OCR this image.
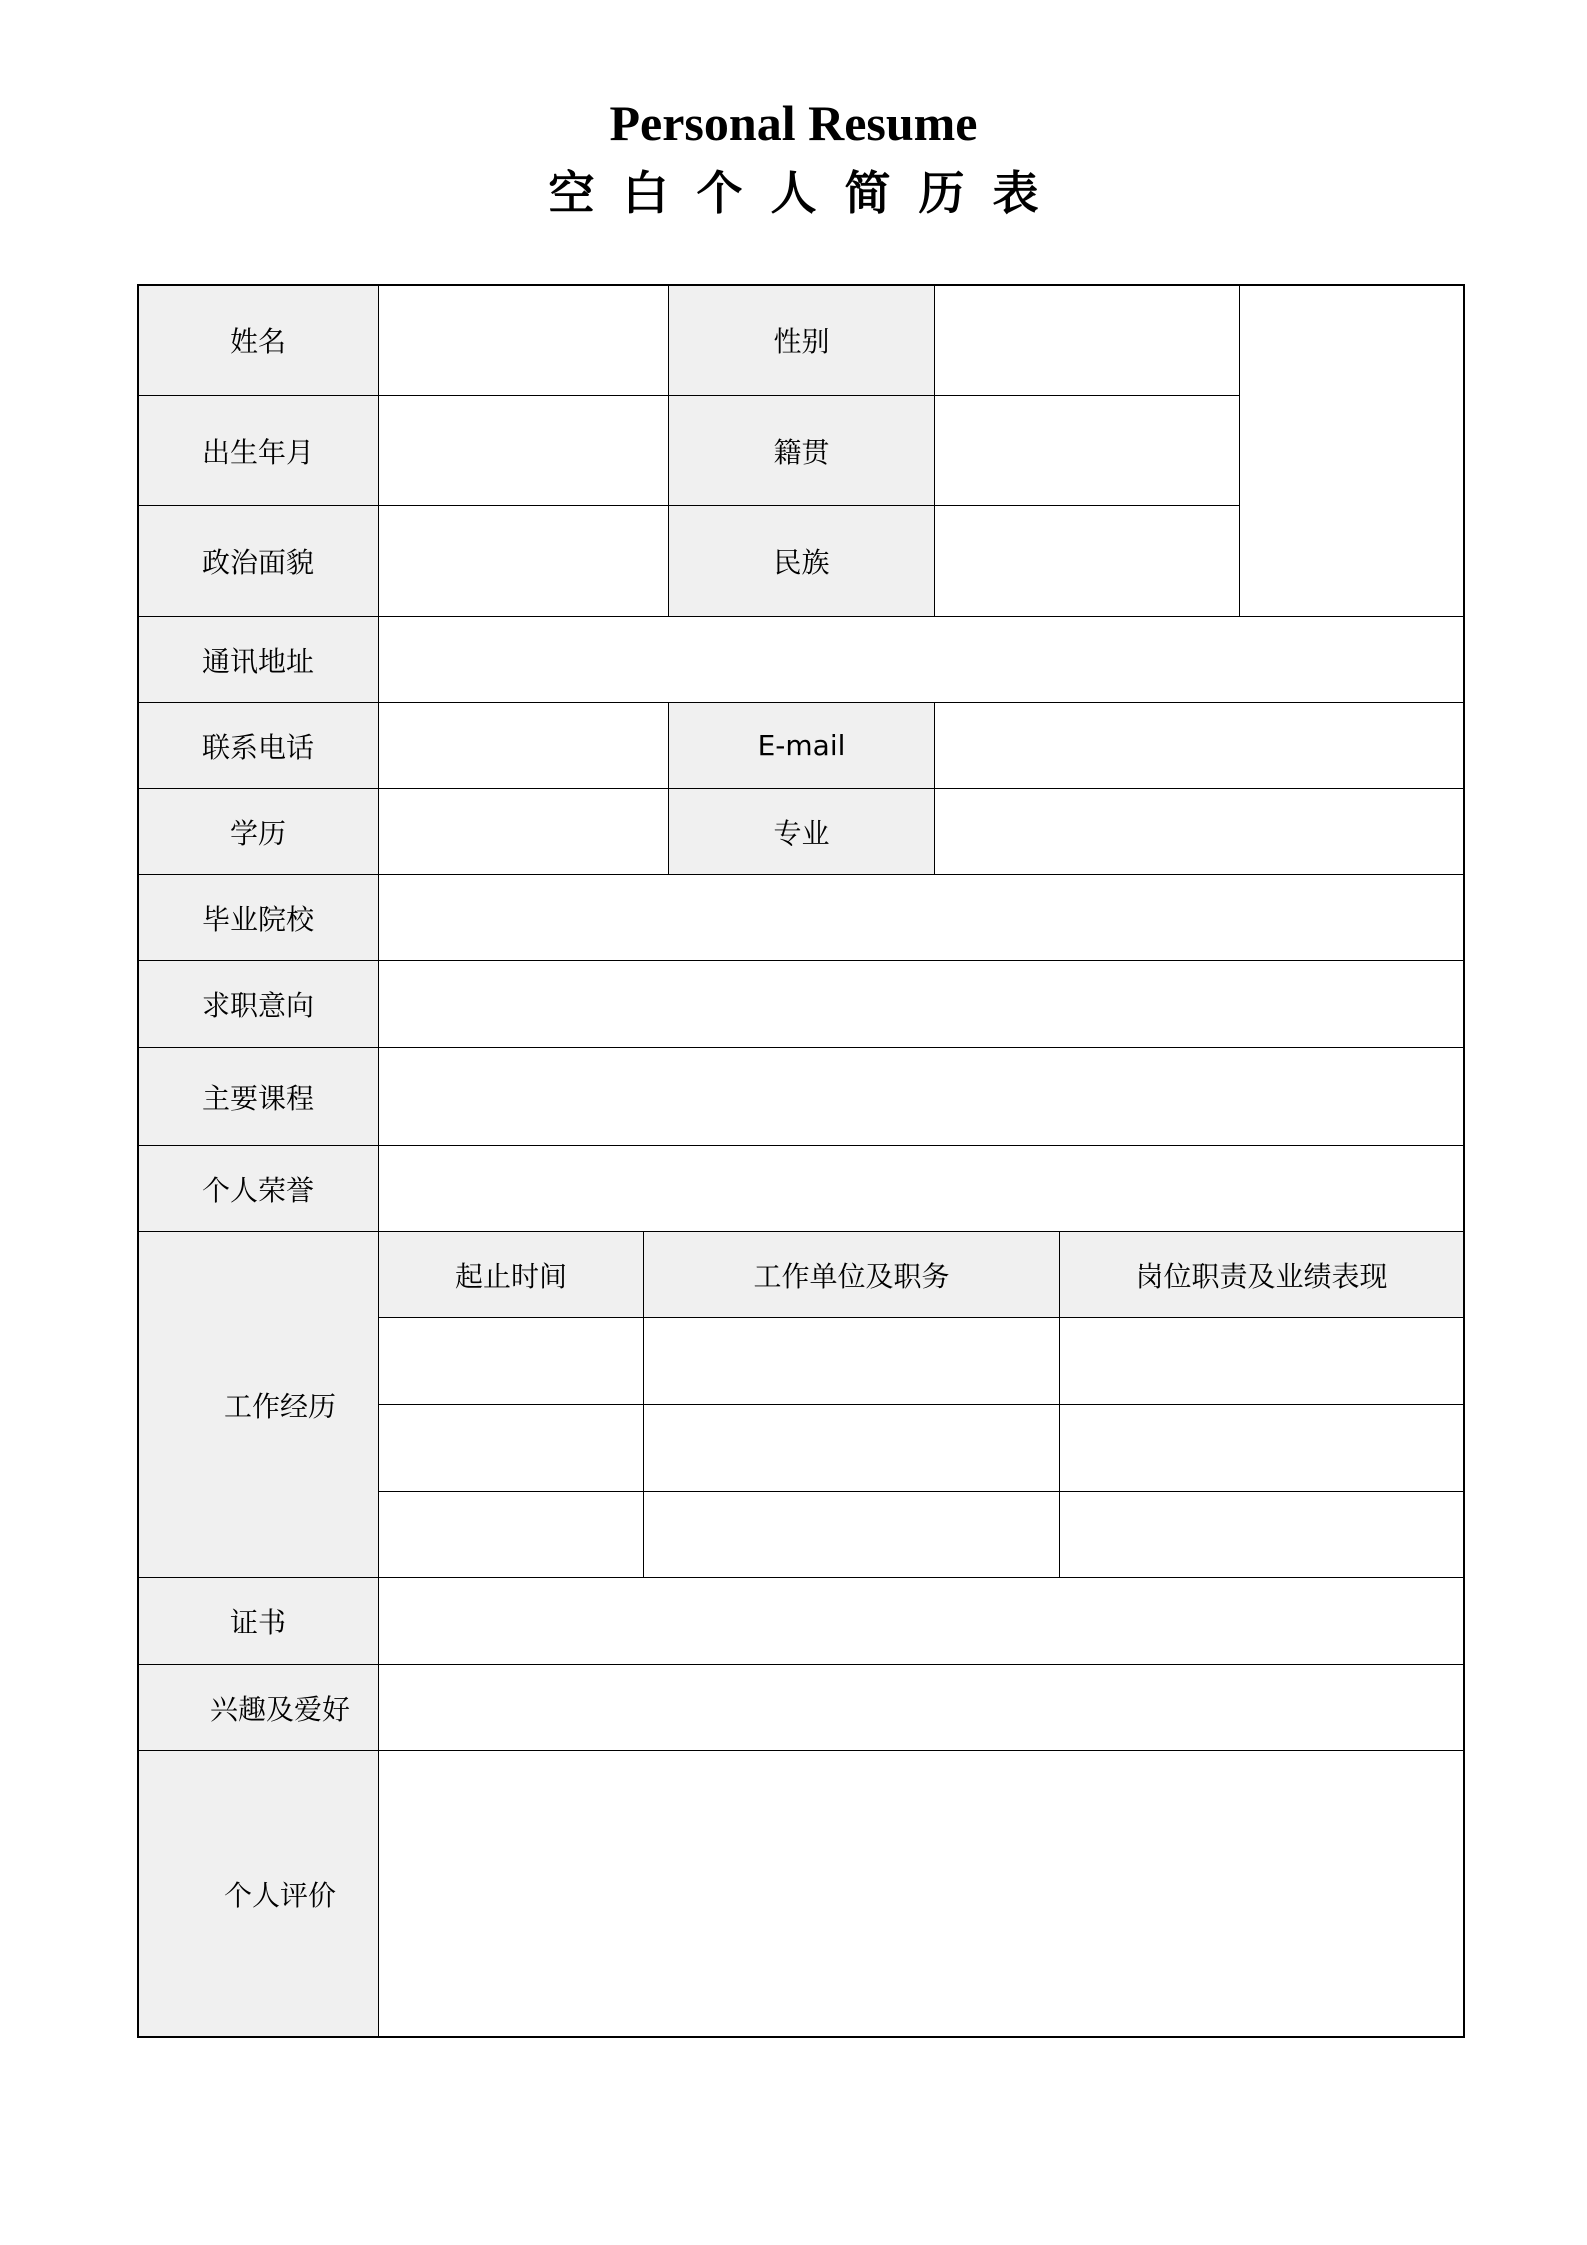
Personal Resume
空白个人简历表
姓名	性别
出生年月	籍贯
政治面貌	民族
通讯地址
联系电话	E-mail
学历	专业
毕业院校
求职意向
主要课程
个人荣誉
工作经历
起止时间	工作单位及职务	岗位职责及业绩表现
证书
兴趣及爱好
个人评价
